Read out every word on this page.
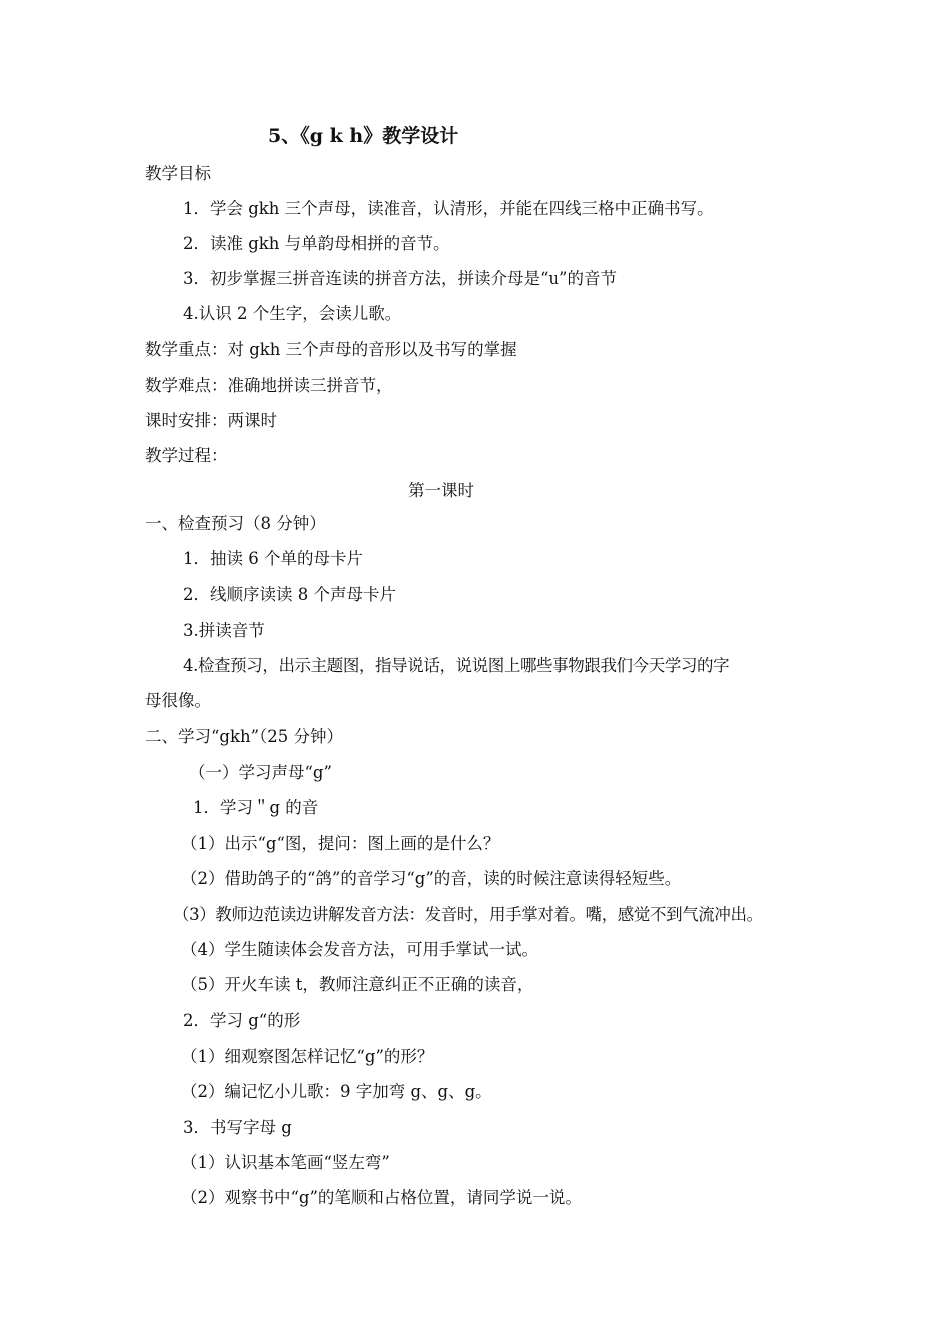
5、《g k h》教学设计
教学目标
1．学会 gkh 三个声母，读准音，认清形，并能在四线三格中正确书写。
2．读准 gkh 与单韵母相拼的音节。
3．初步掌握三拼音连读的拼音方法，拼读介母是“u”的音节
4.认识 2 个生字，会读儿歌。
数学重点：对 gkh 三个声母的音形以及书写的掌握
数学难点：准确地拼读三拼音节，
课时安排：两课时
教学过程：
第一课时
一、检查预习（8 分钟）
1．抽读 6 个单的母卡片
2．线顺序读读 8 个声母卡片
3.拼读音节
4.检查预习，出示主题图，指导说话，说说图上哪些事物跟我们今天学习的字
母很像。
二、学习“gkh”（25 分钟）
（一）学习声母“g”
1．学习＂g 的音
（1）出示“g“图，提问：图上画的是什么？
（2）借助鸽子的“鸽”的音学习“g”的音，读的时候注意读得轻短些。
（3）教师边范读边讲解发音方法：发音时，用手掌对着。嘴，感觉不到气流冲出。
（4）学生随读体会发音方法，可用手掌试一试。
（5）开火车读 t，教师注意纠正不正确的读音，
2．学习 g“的形
（1）细观察图怎样记忆“g”的形？
（2）编记忆小儿歌：9 字加弯 g、g、g。
3．书写字母 g
（1）认识基本笔画“竖左弯”
（2）观察书中“g”的笔顺和占格位置，请同学说一说。
